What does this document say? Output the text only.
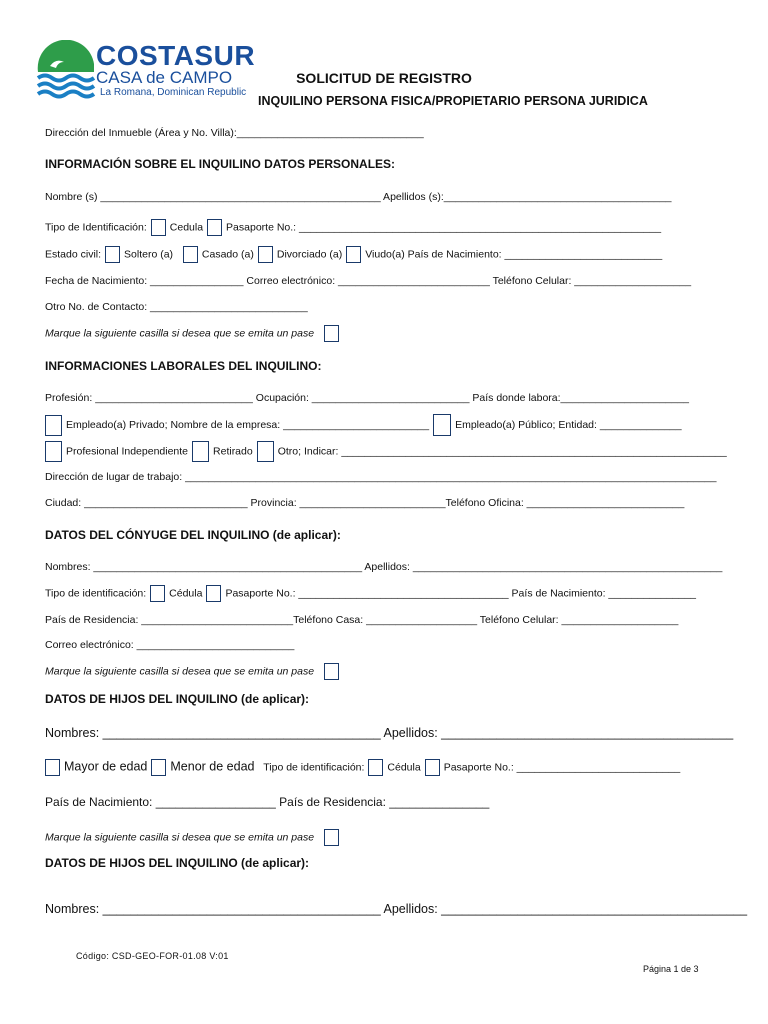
COSTASUR
CASA de CAMPO
La Romana, Dominican Republic
SOLICITUD DE REGISTRO
INQUILINO PERSONA FISICA/PROPIETARIO PERSONA JURIDICA
Dirección del Inmueble (Área y No. Villa):________________________________
INFORMACIÓN SOBRE EL INQUILINO DATOS PERSONALES:
Nombre (s) ________________________________________________ Apellidos (s):_______________________________________
Tipo de Identificación: Cedula Pasaporte No.: ______________________________________________________________
Estado civil: Soltero (a)	Casado (a) Divorciado (a) Viudo(a) País de Nacimiento: ___________________________
Fecha de Nacimiento: ________________ Correo electrónico: __________________________ Teléfono Celular: ____________________
Otro No. de Contacto: ___________________________
Marque la siguiente casilla si desea que se emita un pase
INFORMACIONES LABORALES DEL INQUILINO:
Profesión: ___________________________ Ocupación: ___________________________ País donde labora:______________________
Empleado(a) Privado; Nombre de la empresa: _________________________ Empleado(a) Público; Entidad: ______________
Profesional Independiente Retirado Otro; Indicar: __________________________________________________________________
Dirección de lugar de trabajo: ___________________________________________________________________________________________
Ciudad: ____________________________ Provincia: _________________________Teléfono Oficina: ___________________________
DATOS DEL CÓNYUGE DEL INQUILINO (de aplicar):
Nombres: ______________________________________________ Apellidos: _____________________________________________________
Tipo de identificación: Cédula Pasaporte No.: ____________________________________ País de Nacimiento: _______________
País de Residencia: __________________________Teléfono Casa: ___________________ Teléfono Celular: ____________________
Correo electrónico: ___________________________
Marque la siguiente casilla si desea que se emita un pase
DATOS DE HIJOS DEL INQUILINO (de aplicar):
Nombres: ________________________________________ Apellidos: __________________________________________
Mayor de edad Menor de edad Tipo de identificación: Cédula Pasaporte No.: ____________________________
País de Nacimiento: __________________ País de Residencia: _______________
Marque la siguiente casilla si desea que se emita un pase
DATOS DE HIJOS DEL INQUILINO (de aplicar):
Nombres: ________________________________________ Apellidos: ____________________________________________
Código: CSD-GEO-FOR-01.08 V:01
Página 1 de 3
